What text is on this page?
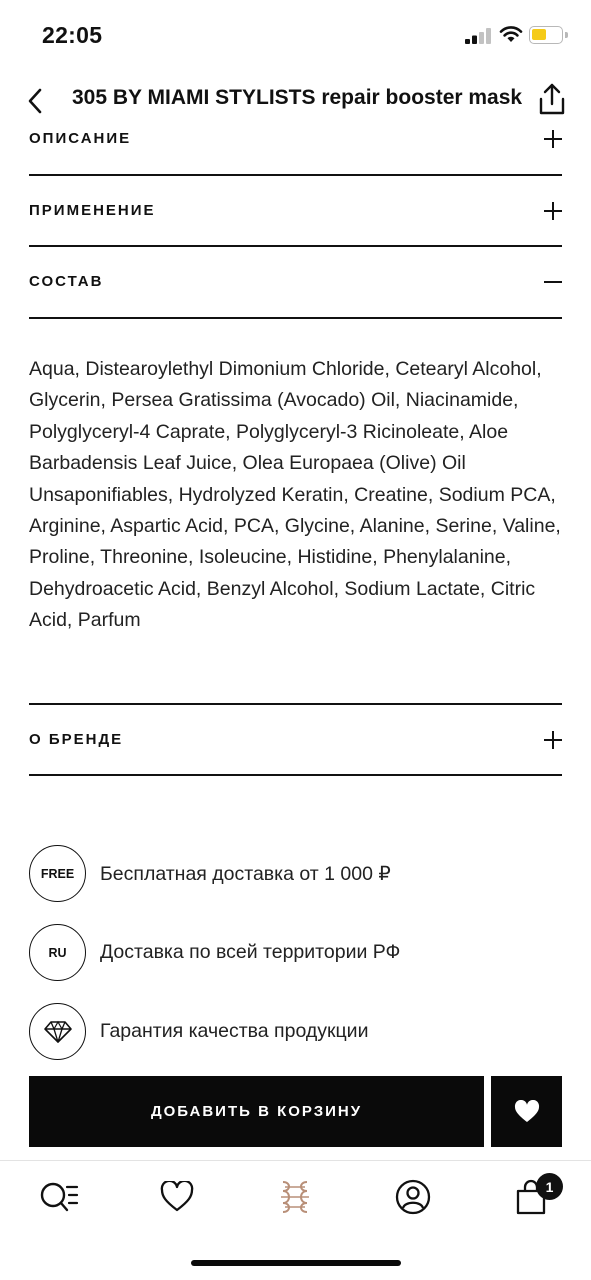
22:05
305 BY MIAMI STYLISTS repair booster mask
ОПИСАНИЕ
ПРИМЕНЕНИЕ
СОСТАВ
Aqua, Distearoylethyl Dimonium Chloride, Cetearyl Alcohol, Glycerin, Persea Gratissima (Avocado) Oil, Niacinamide, Polyglyceryl-4 Caprate, Polyglyceryl-3 Ricinoleate, Aloe Barbadensis Leaf Juice, Olea Europaea (Olive) Oil Unsaponifiables, Hydrolyzed Keratin, Creatine, Sodium PCA, Arginine, Aspartic Acid, PCA, Glycine, Alanine, Serine, Valine, Proline, Threonine, Isoleucine, Histidine, Phenylalanine, Dehydroacetic Acid, Benzyl Alcohol, Sodium Lactate, Citric Acid, Parfum
О БРЕНДЕ
FREE	Бесплатная доставка от 1 000 ₽
RU	Доставка по всей территории РФ
Гарантия качества продукции
ДОБАВИТЬ В КОРЗИНУ
1
